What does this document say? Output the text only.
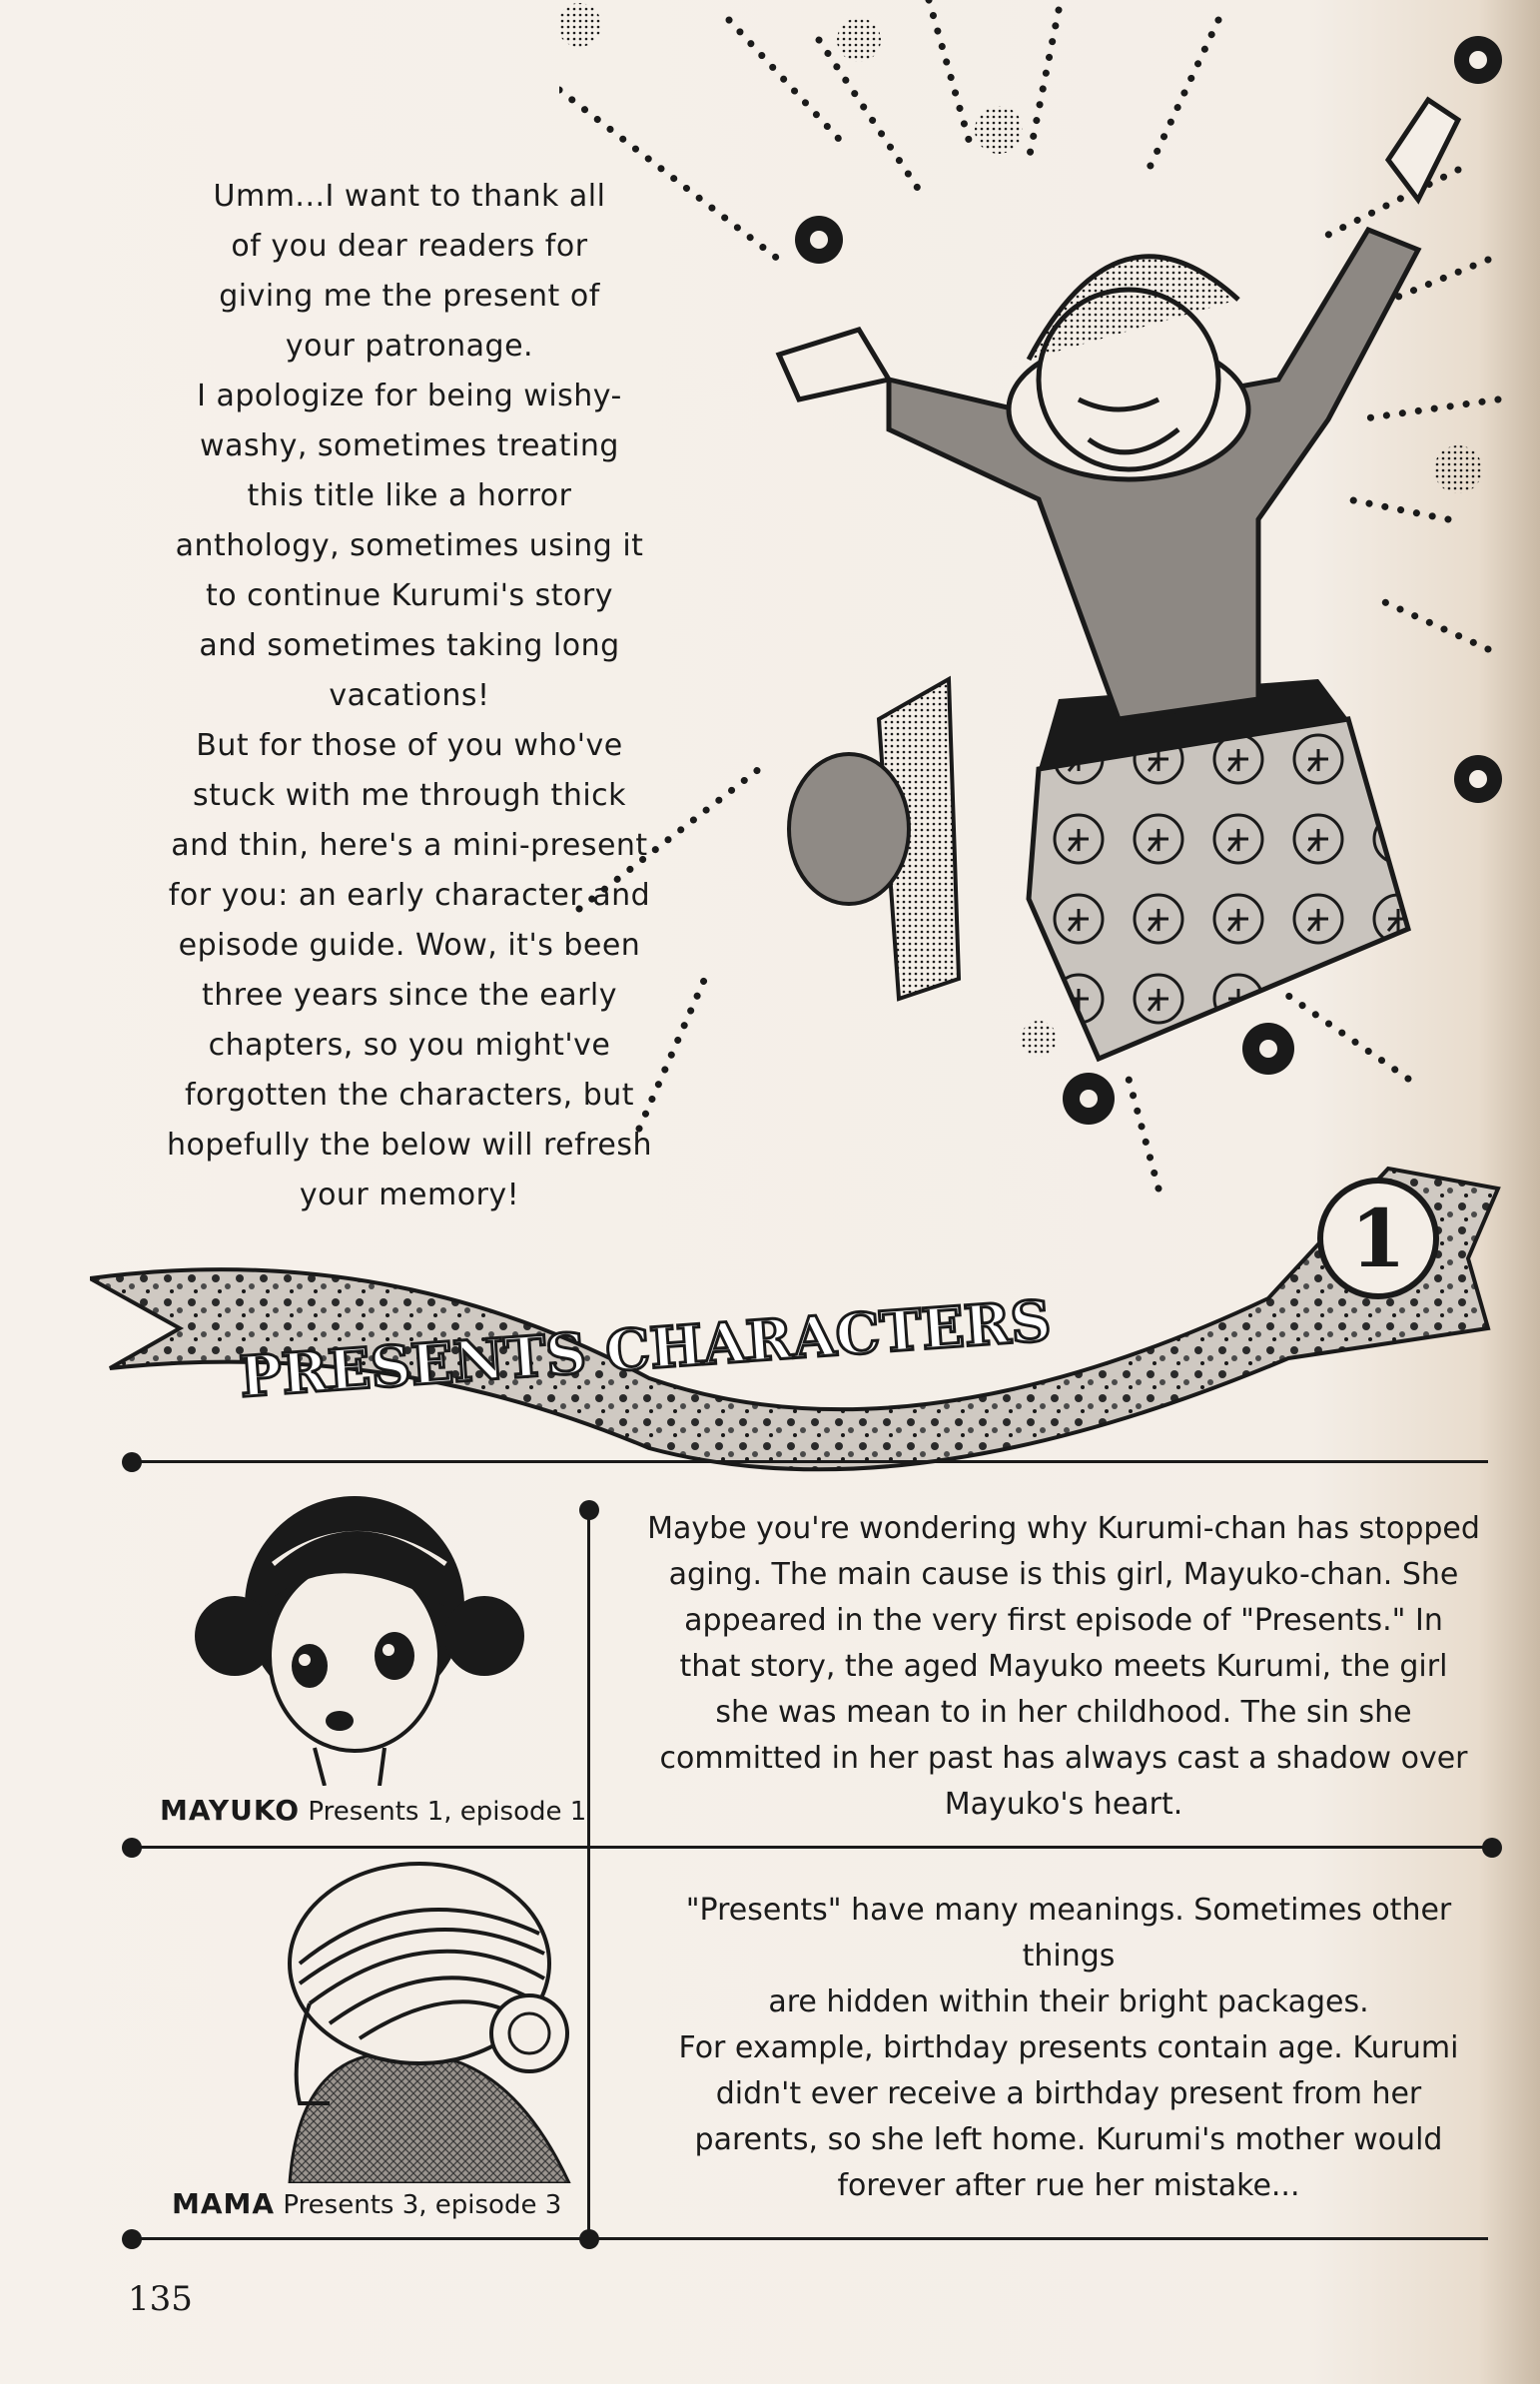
Umm...I want to thank all
of you dear readers for
giving me the present of
your patronage.
I apologize for being wishy-
washy, sometimes treating
this title like a horror
anthology, sometimes using it
to continue Kurumi's story
and sometimes taking long
vacations!
But for those of you who've
stuck with me through thick
and thin, here's a mini-present
for you: an early character and
episode guide. Wow, it's been
three years since the early
chapters, so you might've
forgotten the characters, but
hopefully the below will refresh
your memory!
PRESENTS CHARACTERS
1
MAYUKO Presents 1, episode 1
Maybe you're wondering why Kurumi-chan has stopped
aging. The main cause is this girl, Mayuko-chan. She
appeared in the very first episode of "Presents." In
that story, the aged Mayuko meets Kurumi, the girl
she was mean to in her childhood. The sin she
committed in her past has always cast a shadow over
Mayuko's heart.
MAMA Presents 3, episode 3
"Presents" have many meanings. Sometimes other things
are hidden within their bright packages.
For example, birthday presents contain age. Kurumi
didn't ever receive a birthday present from her
parents, so she left home. Kurumi's mother would
forever after rue her mistake...
135
